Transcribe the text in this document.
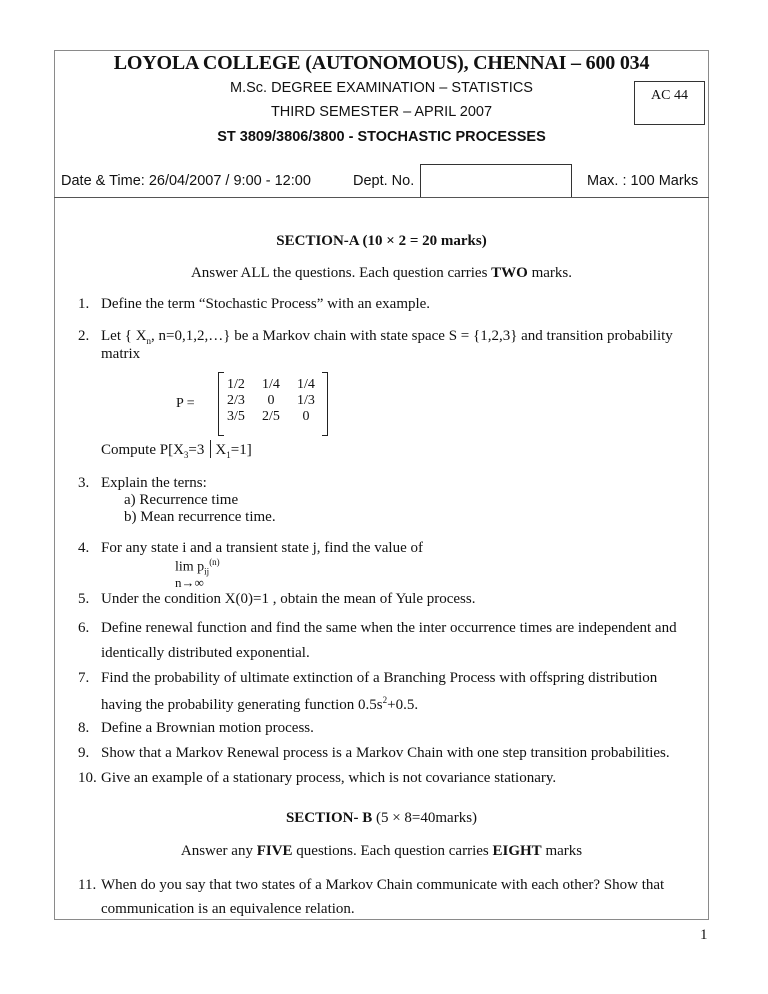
LOYOLA COLLEGE (AUTONOMOUS), CHENNAI – 600 034
M.Sc. DEGREE EXAMINATION – STATISTICS
THIRD SEMESTER – APRIL 2007
ST 3809/3806/3800 - STOCHASTIC PROCESSES
AC 44
Date & Time: 26/04/2007 / 9:00 - 12:00	Dept. No.	Max. : 100 Marks
SECTION-A (10 × 2 = 20 marks)
Answer ALL the questions. Each question carries TWO marks.
1. Define the term “Stochastic Process” with an example.
2. Let { $X_n$, n=0,1,2,…} be a Markov chain with state space S = {1,2,3} and transition probability
matrix
P =
1/2	1/4	1/4
2/3	0	1/3
3/5	2/5	0
Compute $P[X_3=3$ $X_1=1$]
3. Explain the terns:
a) Recurrence time
b) Mean recurrence time.
4. For any state i and a transient state j, find the value of
$\lim p_{ij}^{(n)}$
n→∞
5. Under the condition X(0)=1 , obtain the mean of Yule process.
6. Define renewal function and find the same when the inter occurrence times are independent and
identically distributed exponential.
7. Find the probability of ultimate extinction of a Branching Process with offspring distribution
having the probability generating function $0.5s^2+0.5$.
8. Define a Brownian motion process.
9. Show that a Markov Renewal process is a Markov Chain with one step transition probabilities.
10. Give an example of a stationary process, which is not covariance stationary.
SECTION- B (5 × 8=40marks)
Answer any FIVE questions. Each question carries EIGHT marks
11. When do you say that two states of a Markov Chain communicate with each other? Show that
communication is an equivalence relation.
1
